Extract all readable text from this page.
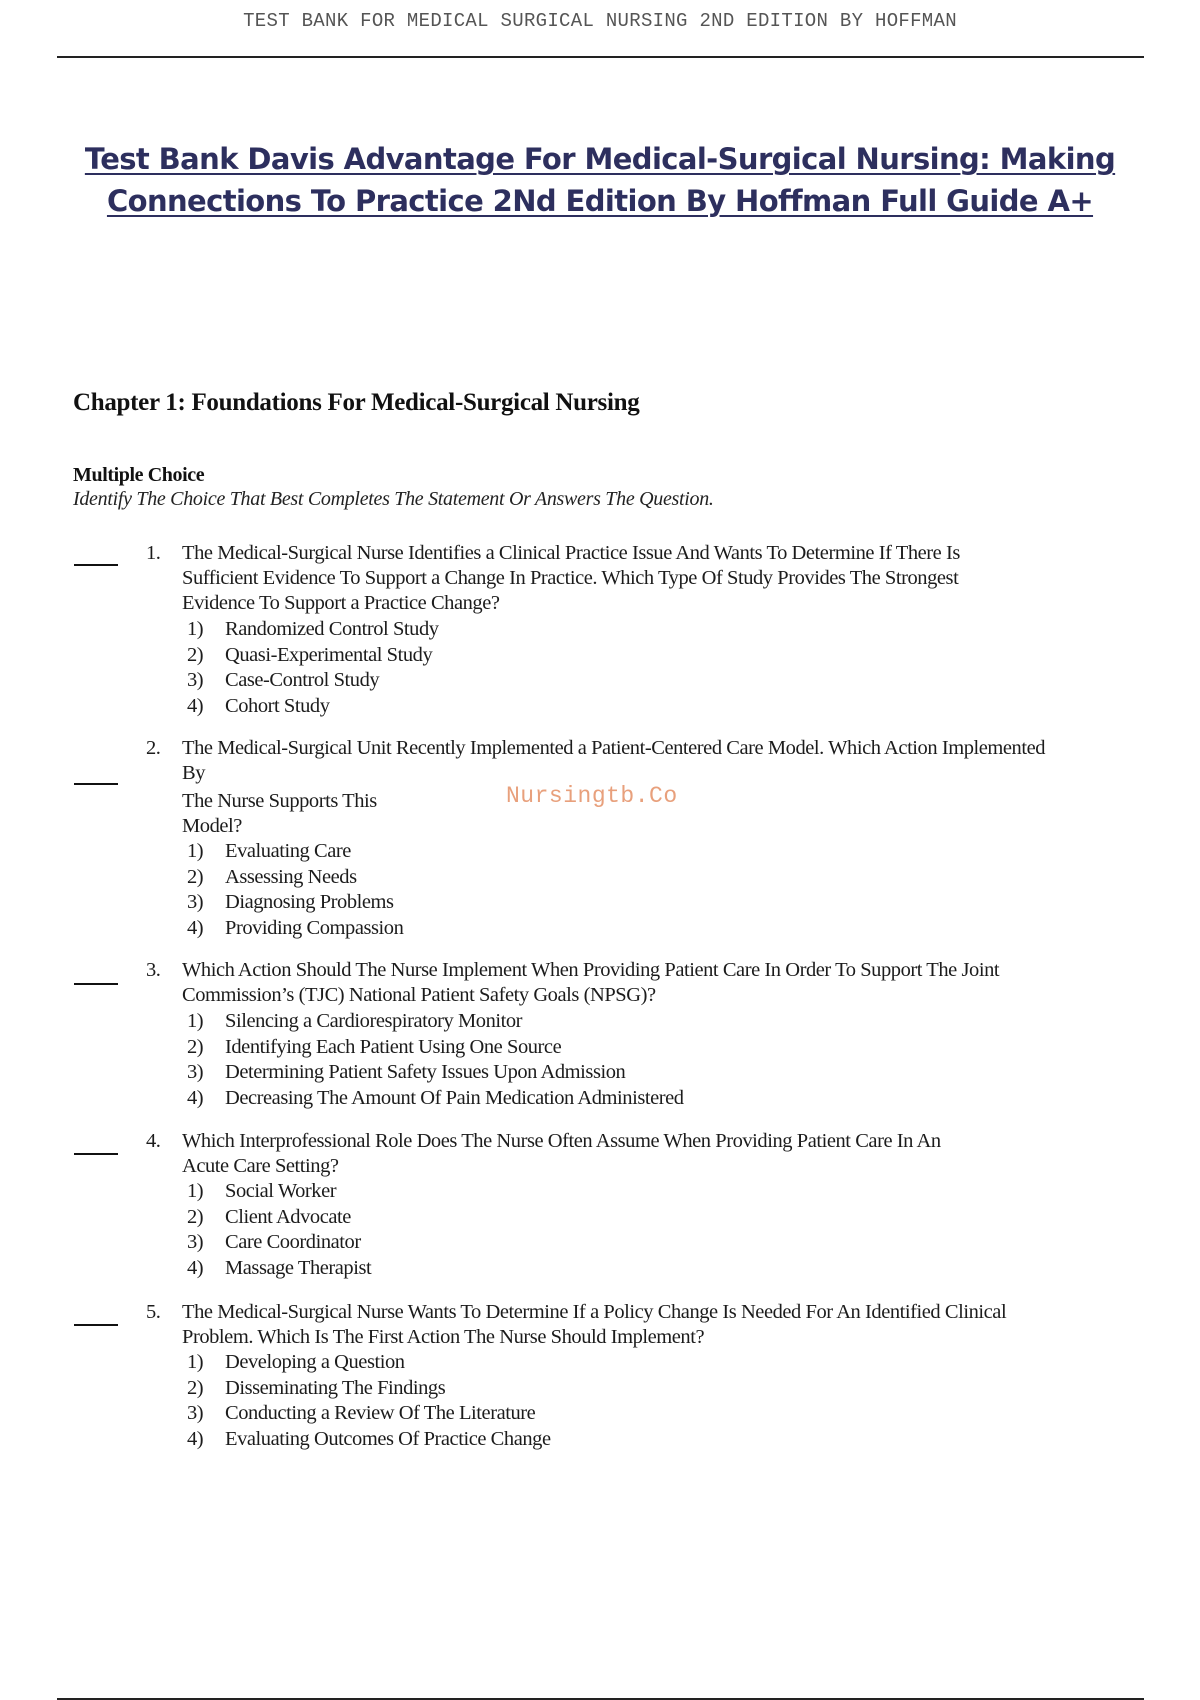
TEST BANK FOR MEDICAL SURGICAL NURSING 2ND EDITION BY HOFFMAN
Test Bank Davis Advantage For Medical-Surgical Nursing: Making
Connections To Practice 2Nd Edition By Hoffman Full Guide A+
Chapter 1: Foundations For Medical-Surgical Nursing
Multiple Choice
Identify The Choice That Best Completes The Statement Or Answers The Question.
1. The Medical-Surgical Nurse Identifies a Clinical Practice Issue And Wants To Determine If There Is
Sufficient Evidence To Support a Change In Practice. Which Type Of Study Provides The Strongest
Evidence To Support a Practice Change?
1) Randomized Control Study
2) Quasi-Experimental Study
3) Case-Control Study
4) Cohort Study
2. The Medical-Surgical Unit Recently Implemented a Patient-Centered Care Model. Which Action Implemented
By
The Nurse Supports This
Model?
1) Evaluating Care
2) Assessing Needs
3) Diagnosing Problems
4) Providing Compassion
Nursingtb.Co
3. Which Action Should The Nurse Implement When Providing Patient Care In Order To Support The Joint
Commission’s (TJC) National Patient Safety Goals (NPSG)?
1) Silencing a Cardiorespiratory Monitor
2) Identifying Each Patient Using One Source
3) Determining Patient Safety Issues Upon Admission
4) Decreasing The Amount Of Pain Medication Administered
4. Which Interprofessional Role Does The Nurse Often Assume When Providing Patient Care In An
Acute Care Setting?
1) Social Worker
2) Client Advocate
3) Care Coordinator
4) Massage Therapist
5. The Medical-Surgical Nurse Wants To Determine If a Policy Change Is Needed For An Identified Clinical
Problem. Which Is The First Action The Nurse Should Implement?
1) Developing a Question
2) Disseminating The Findings
3) Conducting a Review Of The Literature
4) Evaluating Outcomes Of Practice Change
